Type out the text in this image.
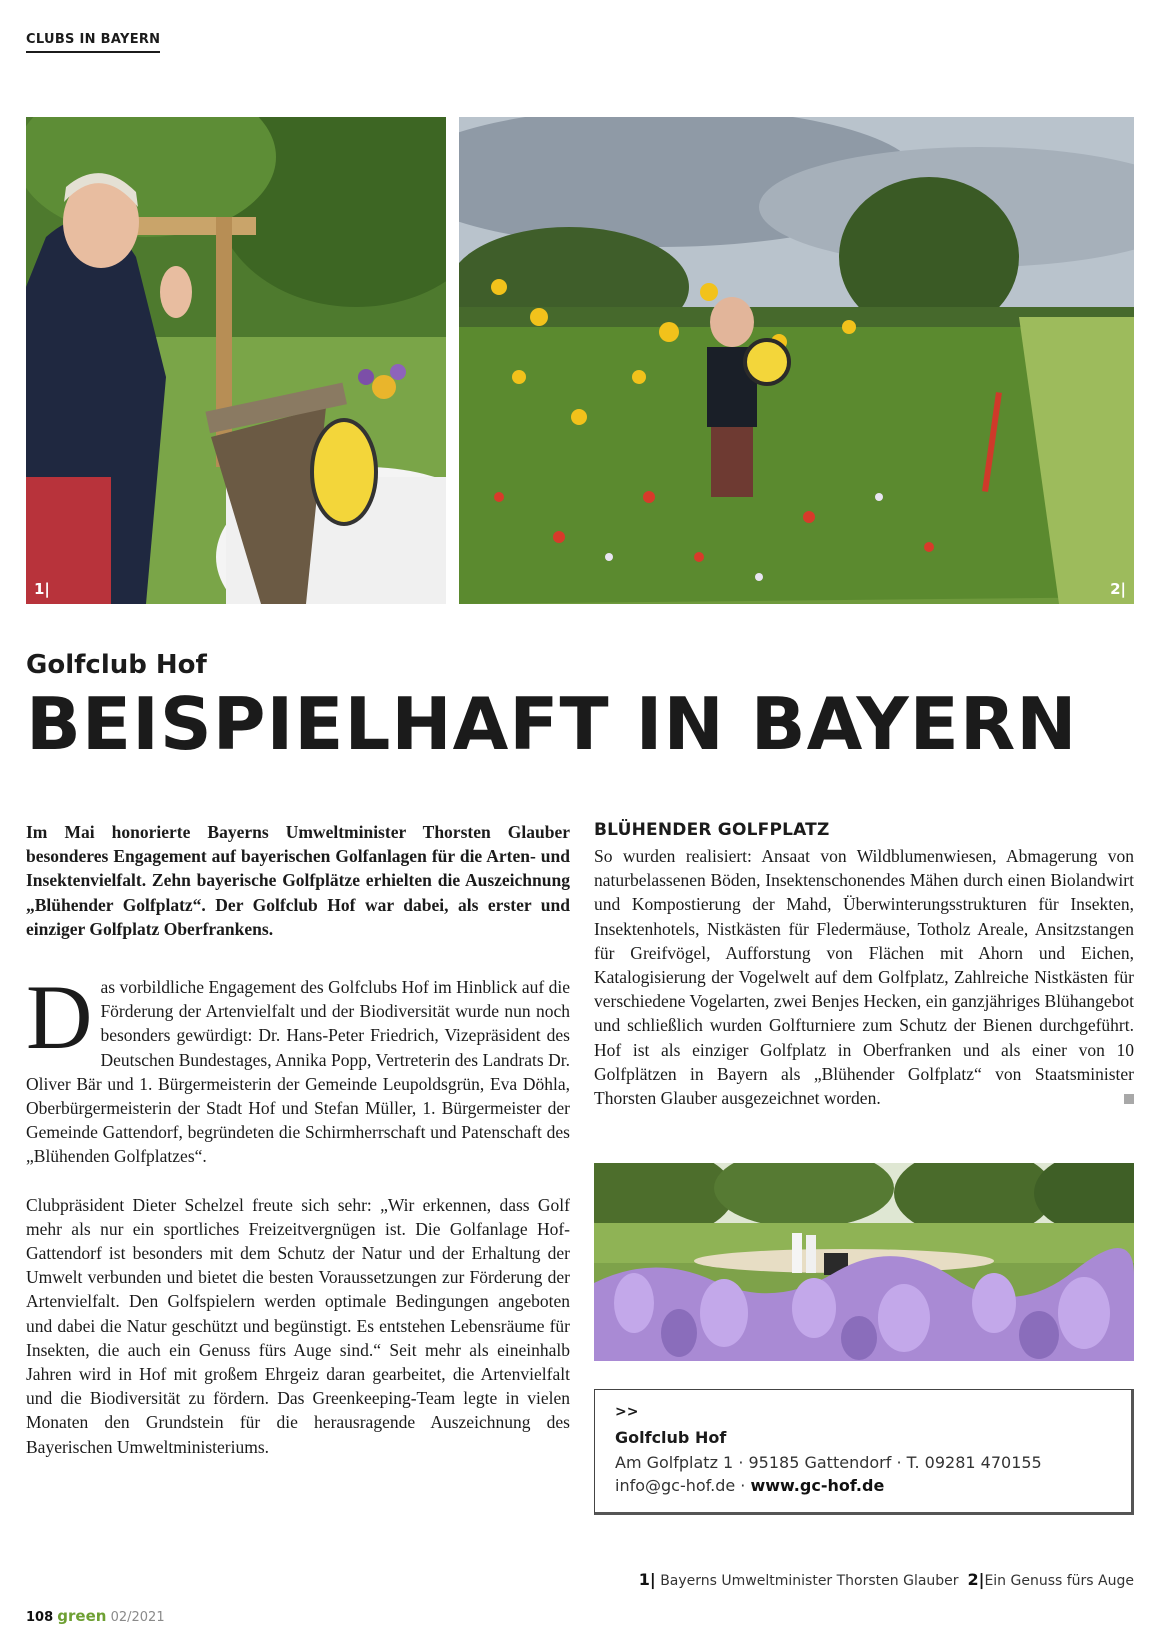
CLUBS IN BAYERN
1|	2|
Golfclub Hof
BEISPIELHAFT IN BAYERN

Im Mai honorierte Bayerns Umweltminister Thorsten Glauber besonderes Engagement auf bayerischen Golfanlagen für die Arten- und Insektenvielfalt. Zehn bayerische Golfplätze erhielten die Auszeichnung „Blühender Golfplatz“. Der Golfclub Hof war dabei, als erster und einziger Golfplatz Oberfrankens.

Das vorbildliche Engagement des Golfclubs Hof im Hinblick auf die Förderung der Artenvielfalt und der Biodiversität wurde nun noch besonders gewürdigt: Dr. Hans-Peter Friedrich, Vizepräsident des Deutschen Bundestages, Annika Popp, Vertreterin des Landrats Dr. Oliver Bär und 1. Bürgermeisterin der Gemeinde Leupoldsgrün, Eva Döhla, Oberbürgermeisterin der Stadt Hof und Stefan Müller, 1. Bürgermeister der Gemeinde Gattendorf, begründeten die Schirmherrschaft und Patenschaft des „Blühenden Golfplatzes“.

Clubpräsident Dieter Schelzel freute sich sehr: „Wir erkennen, dass Golf mehr als nur ein sportliches Freizeitvergnügen ist. Die Golfanlage Hof-Gattendorf ist besonders mit dem Schutz der Natur und der Erhaltung der Umwelt verbunden und bietet die besten Voraussetzungen zur Förderung der Artenvielfalt. Den Golfspielern werden optimale Bedingungen angeboten und dabei die Natur geschützt und begünstigt. Es entstehen Lebensräume für Insekten, die auch ein Genuss fürs Auge sind.“ Seit mehr als eineinhalb Jahren wird in Hof mit großem Ehrgeiz daran gearbeitet, die Artenvielfalt und die Biodiversität zu fördern. Das Greenkeeping-Team legte in vielen Monaten den Grundstein für die herausragende Auszeichnung des Bayerischen Umweltministeriums.

BLÜHENDER GOLFPLATZ

So wurden realisiert: Ansaat von Wildblumenwiesen, Abmagerung von naturbelassenen Böden, Insektenschonendes Mähen durch einen Biolandwirt und Kompostierung der Mahd, Überwinterungsstrukturen für Insekten, Insektenhotels, Nistkästen für Fledermäuse, Totholz Areale, Ansitzstangen für Greifvögel, Aufforstung von Flächen mit Ahorn und Eichen, Katalogisierung der Vogelwelt auf dem Golfplatz, Zahlreiche Nistkästen für verschiedene Vogelarten, zwei Benjes Hecken, ein ganzjähriges Blühangebot und schließlich wurden Golfturniere zum Schutz der Bienen durchgeführt. Hof ist als einziger Golfplatz in Oberfranken und als einer von 10 Golfplätzen in Bayern als „Blühender Golfplatz“ von Staatsminister Thorsten Glauber ausgezeichnet worden.

>>
Golfclub Hof
Am Golfplatz 1 · 95185 Gattendorf · T. 09281 470155
info@gc-hof.de · www.gc-hof.de
1| Bayerns Umweltminister Thorsten Glauber 2|Ein Genuss fürs Auge
108 green 02/2021
